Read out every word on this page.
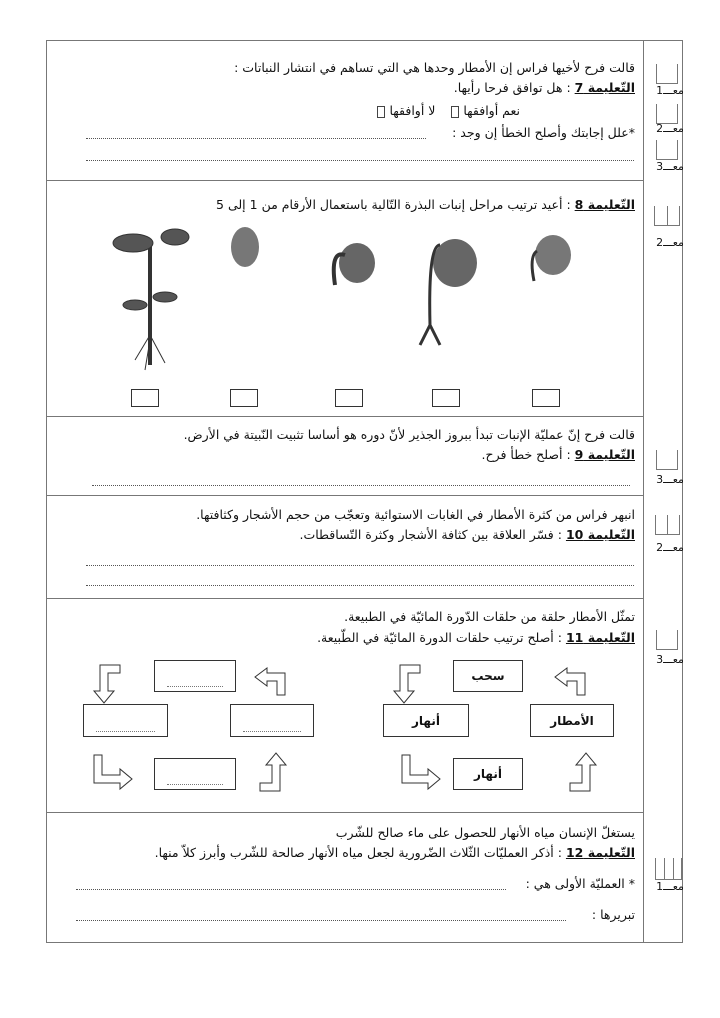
قالت فرح لأخيها فراس إن الأمطار وحدها هي التي تساهم في انتشار النباتات :
التّعليمة 7 : هل توافق فرحا رأيها.
نعم أوافقها   لا أوافقها
*علل إجابتك وأصلح الخطأ إن وجد :
معـــ1
معـــ2
معـــ3
التّعليمة 8 : أعيد ترتيب مراحل إنبات البذرة التّالية باستعمال الأرقام من 1 إلى 5
معـــ2
قالت فرح إنّ عمليّة الإنبات تبدأ ببروز الجذير لأنّ دوره هو أساسا تثبيت النّبيتة في الأرض.
التّعليمة 9 : أصلح خطأ فرح.
معـــ3
انبهر فراس من كثرة الأمطار في الغابات الاستوائية وتعجّب من حجم الأشجار وكثافتها.
التّعليمة 10 : فسّر العلاقة بين كثافة الأشجار وكثرة التّساقطات.
معـــ2
تمثّل الأمطار حلقة من حلقات الدّورة المائيّة في الطبيعة.
التّعليمة 11 : أصلح ترتيب حلقات الدورة المائيّة في الطّبيعة.
معـــ3
سحب
أنهار	الأمطار
أنهار
يستغلّ الإنسان مياه الأنهار للحصول على ماء صالح للشّرب
التّعليمة 12 : أذكر العمليّات الثّلاث الضّرورية لجعل مياه الأنهار صالحة للشّرب وأبرز كلاّ منها.
* العمليّة الأولى هي :
تبريرها :
معـــ1
